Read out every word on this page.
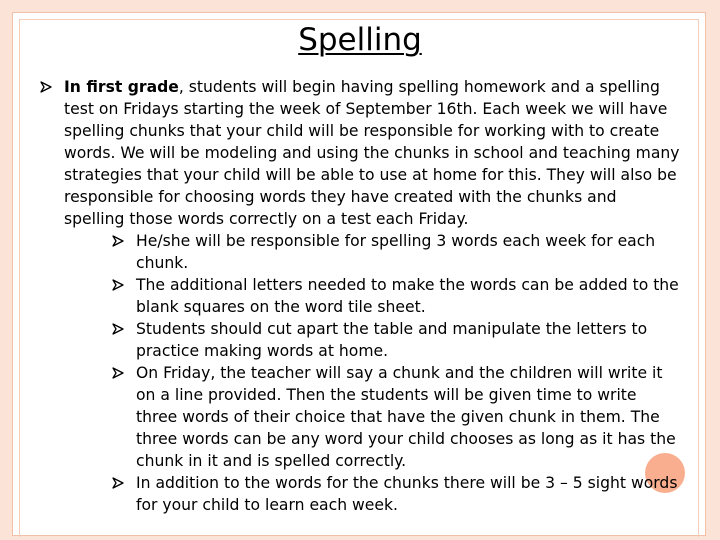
Spelling
In first grade, students will begin having spelling homework and a spelling test on Fridays starting the week of September 16th. Each week we will have spelling chunks that your child will be responsible for working with to create words. We will be modeling and using the chunks in school and teaching many strategies that your child will be able to use at home for this. They will also be responsible for choosing words they have created with the chunks and spelling those words correctly on a test each Friday.
He/she will be responsible for spelling 3 words each week for each chunk.
The additional letters needed to make the words can be added to the blank squares on the word tile sheet.
Students should cut apart the table and manipulate the letters to practice making words at home.
On Friday, the teacher will say a chunk and the children will write it on a line provided. Then the students will be given time to write three words of their choice that have the given chunk in them. The three words can be any word your child chooses as long as it has the chunk in it and is spelled correctly.
In addition to the words for the chunks there will be 3 – 5 sight words for your child to learn each week.
